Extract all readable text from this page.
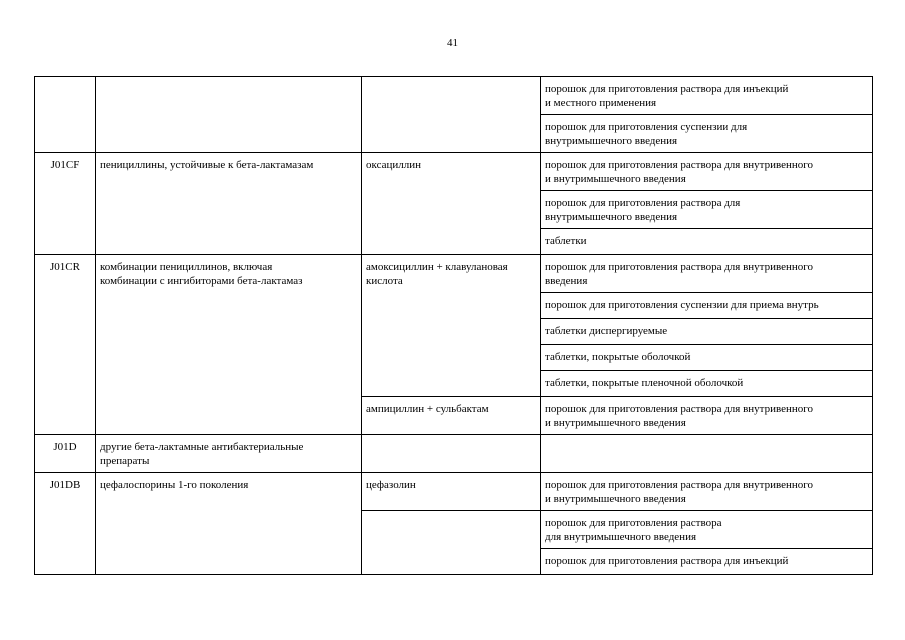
41
			порошок для приготовления раствора для инъекций
и местного применения
			порошок для приготовления суспензии для
внутримышечного введения
J01CF	пенициллины, устойчивые к бета-лактамазам	оксациллин	порошок для приготовления раствора для внутривенного
и внутримышечного введения
			порошок для приготовления раствора для
внутримышечного введения
			таблетки
J01CR	комбинации пенициллинов, включая
комбинации с ингибиторами бета-лактамаз	амоксициллин + клавулановая
кислота	порошок для приготовления раствора для внутривенного
введения
			порошок для приготовления суспензии для приема внутрь
			таблетки диспергируемые
			таблетки, покрытые оболочкой
			таблетки, покрытые пленочной оболочкой
		ампициллин + сульбактам	порошок для приготовления раствора для внутривенного
и внутримышечного введения
J01D	другие бета-лактамные антибактериальные
препараты		
J01DB	цефалоспорины 1-го поколения	цефазолин	порошок для приготовления раствора для внутривенного
и внутримышечного введения
			порошок для приготовления раствора
для внутримышечного введения
			порошок для приготовления раствора для инъекций
